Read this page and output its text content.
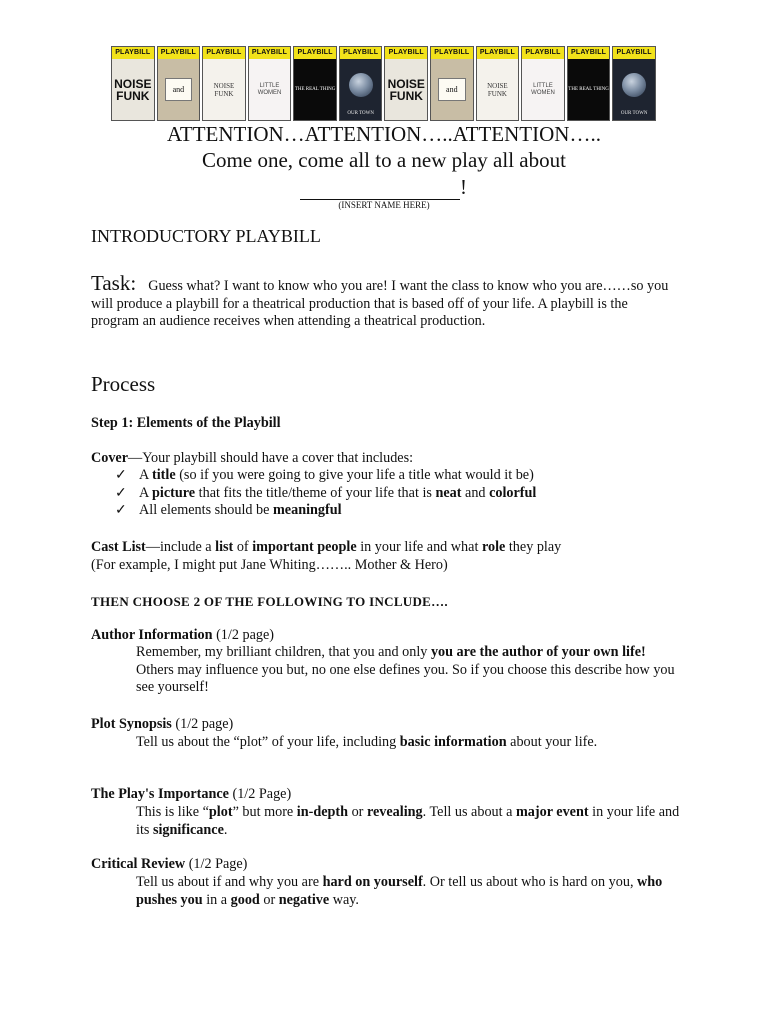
PLAYBILL
NOISE
FUNK
PLAYBILL
and
PLAYBILL
NOISE
FUNK
PLAYBILL
LITTLE
WOMEN
PLAYBILL
THE REAL THING
PLAYBILL
OUR TOWN
PLAYBILL
NOISE
FUNK
PLAYBILL
and
PLAYBILL
NOISE
FUNK
PLAYBILL
LITTLE
WOMEN
PLAYBILL
THE REAL THING
PLAYBILL
OUR TOWN
ATTENTION…ATTENTION…..ATTENTION…..
Come one, come all to a new play all about
!
(INSERT NAME HERE)
INTRODUCTORY PLAYBILL
Task: Guess what? I want to know who you are! I want the class to know who you are……so you will produce a playbill for a theatrical production that is based off of your life. A playbill is the program an audience receives when attending a theatrical production.
Process
Step 1: Elements of the Playbill
Cover—Your playbill should have a cover that includes:
✓ A title (so if you were going to give your life a title what would it be)
✓ A picture that fits the title/theme of your life that is neat and colorful
✓ All elements should be meaningful
Cast List—include a list of important people in your life and what role they play
(For example, I might put Jane Whiting…….. Mother & Hero)
THEN CHOOSE 2 OF THE FOLLOWING TO INCLUDE….
Author Information (1/2 page)
Remember, my brilliant children, that you and only you are the author of your own life! Others may influence you but, no one else defines you. So if you choose this describe how you see yourself!
Plot Synopsis (1/2 page)
Tell us about the “plot” of your life, including basic information about your life.
The Play's Importance (1/2 Page)
This is like “plot” but more in-depth or revealing. Tell us about a major event in your life and its significance.
Critical Review (1/2 Page)
Tell us about if and why you are hard on yourself. Or tell us about who is hard on you, who pushes you in a good or negative way.
